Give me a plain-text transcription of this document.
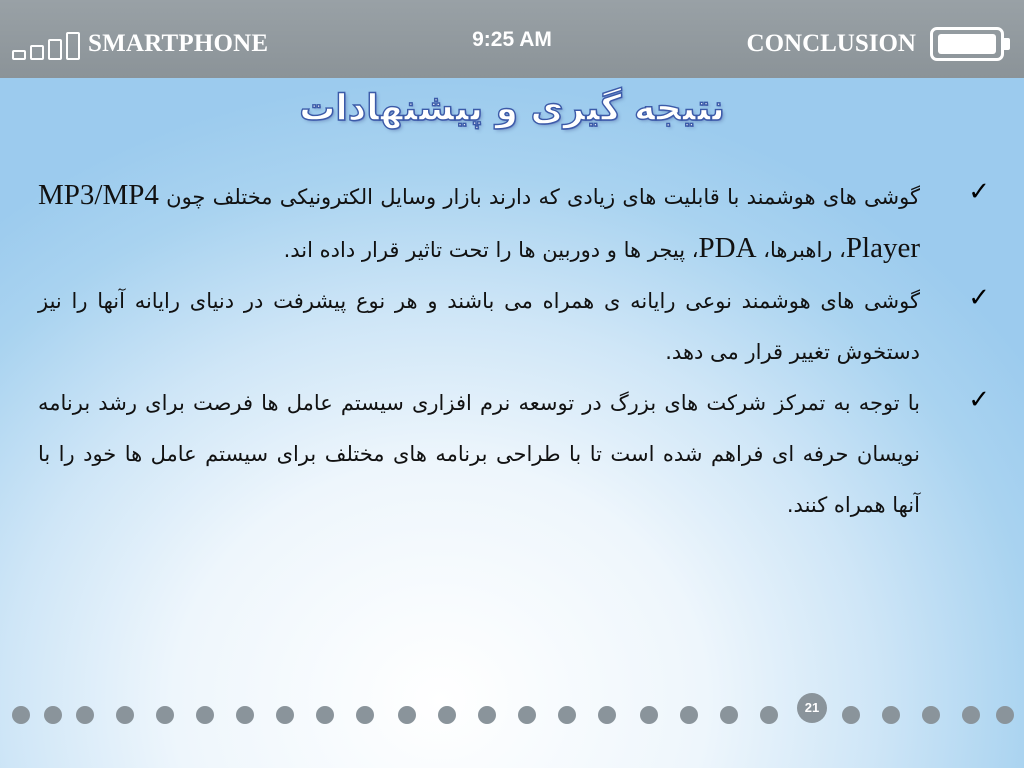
SMARTPHONE	9:25 AM	CONCLUSION
نتیجه گیری و پیشنهادات
✓
گوشی های هوشمند با قابلیت های زیادی که دارند بازار وسایل الکترونیکی مختلف چون MP3/MP4 Player، راهبرها، PDA، پیجر ها و دوربین ها را تحت تاثیر قرار داده اند.
✓
گوشی های هوشمند نوعی رایانه ی همراه می باشند و هر نوع پیشرفت در دنیای رایانه آنها را نیز دستخوش تغییر قرار می دهد.
✓
با توجه به تمرکز شرکت های بزرگ در توسعه نرم افزاری سیستم عامل ها فرصت برای رشد برنامه نویسان حرفه ای فراهم شده است تا با طراحی برنامه های مختلف برای سیستم عامل ها خود را با آنها همراه کنند.
21
